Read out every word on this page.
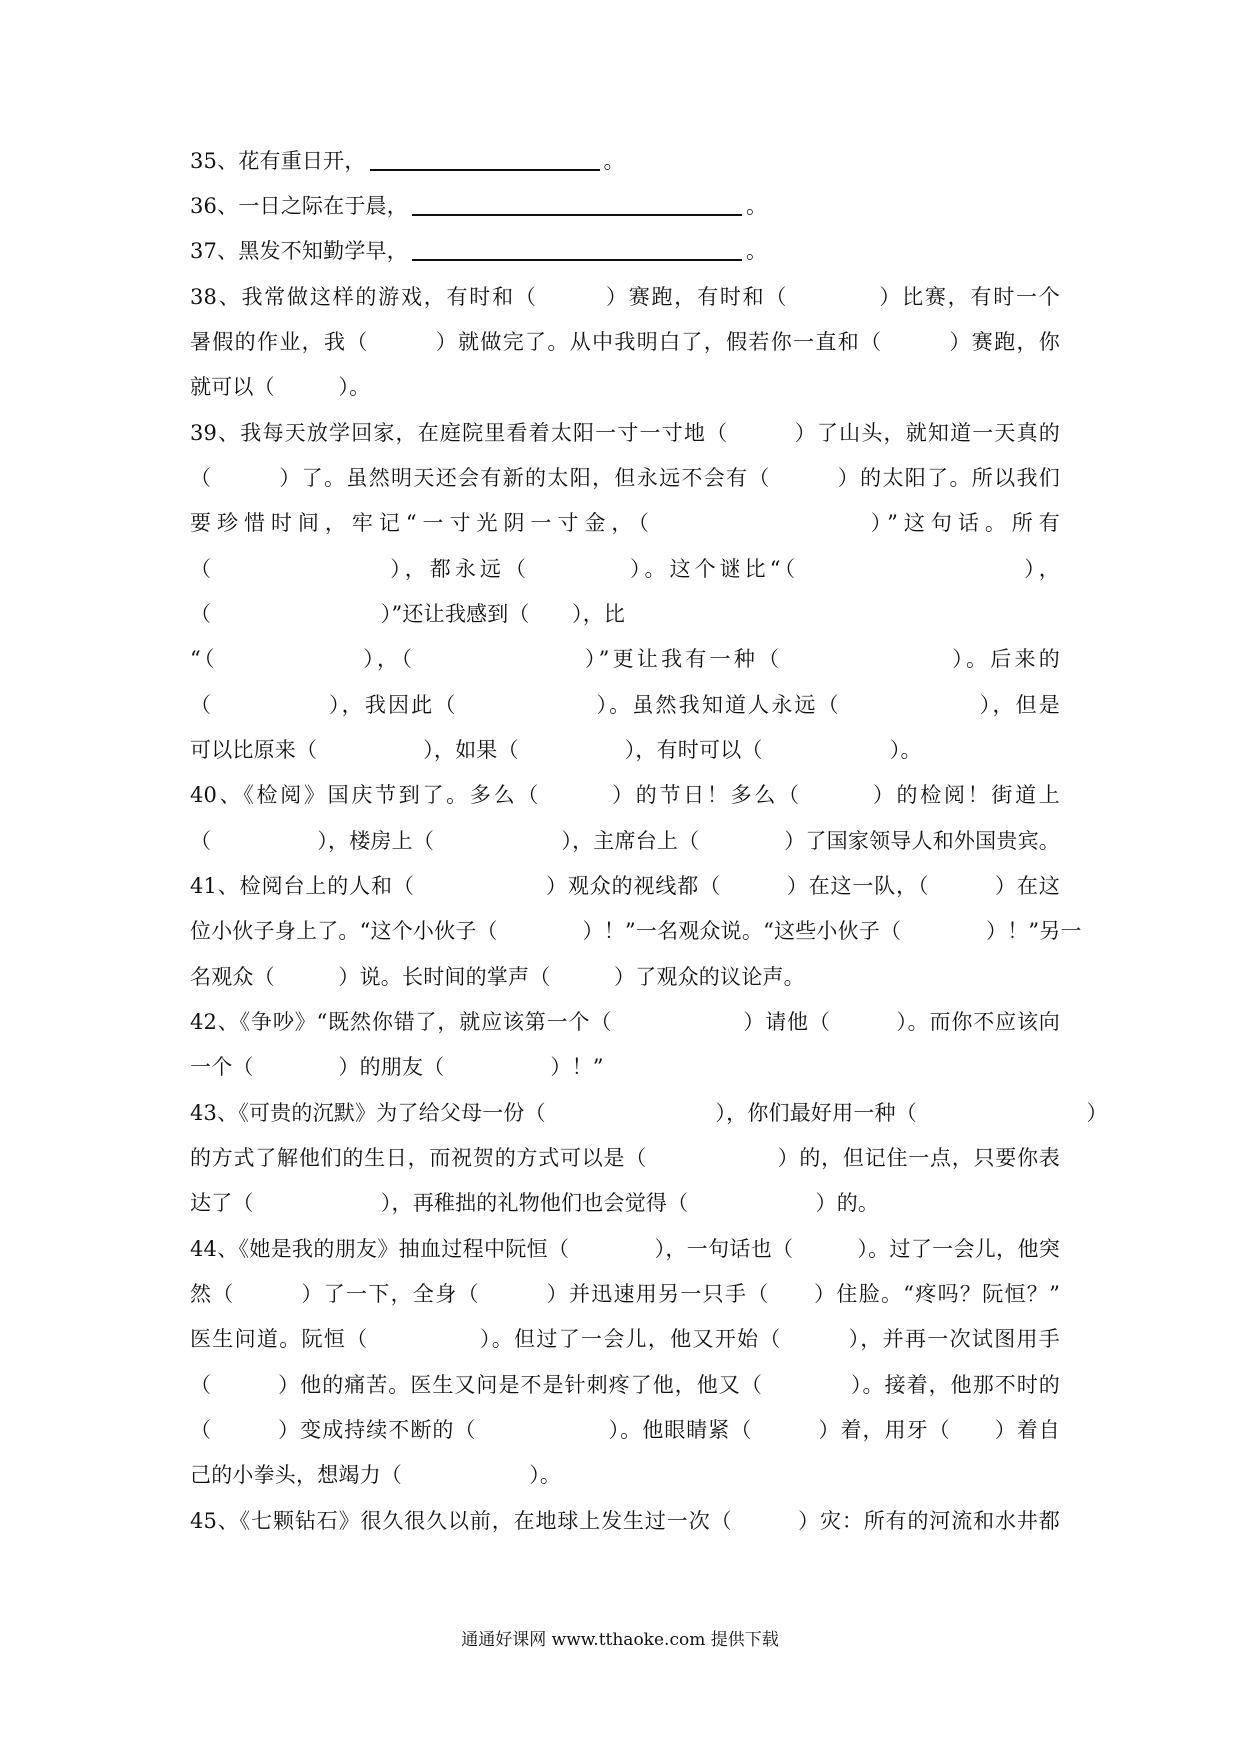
35、花有重日开，	。
36、一日之际在于晨，	。
37、黑发不知勤学早，	。
38、我常做这样的游戏，有时和（　　　）赛跑，有时和（　　　　）比赛，有时一个
暑假的作业，我（　　　）就做完了。从中我明白了，假若你一直和（　　　）赛跑，你
就可以（　　　）。
39、我每天放学回家，在庭院里看着太阳一寸一寸地（　　　）了山头，就知道一天真的
（　　　）了。虽然明天还会有新的太阳，但永远不会有（　　　）的太阳了。所以我们
要珍惜时间，牢记“一寸光阴一寸金，（　　　　　　　　）”这句话。所有
（　　　　　　　），都永远（　　　　）。这个谜比“（　　　　　　　　　），
（　　　　　　　　）”还让我感到（　　），比
“（　　　　　　），（　　　　　　　）”更让我有一种（　　　　　　　）。后来的
（　　　　　），我因此（　　　　　　）。虽然我知道人永远（　　　　　　），但是
可以比原来（　　　　　），如果（　　　　　），有时可以（　　　　　　）。
40、《检阅》国庆节到了。多么（　　　）的节日！多么（　　　）的检阅！街道上
（　　　　　），楼房上（　　　　　　），主席台上（　　　　）了国家领导人和外国贵宾。
41、检阅台上的人和（　　　　　　）观众的视线都（　　　）在这一队，（　　　）在这
位小伙子身上了。“这个小伙子（　　　　）！”一名观众说。“这些小伙子（　　　　）！”另一
名观众（　　　）说。长时间的掌声（　　　）了观众的议论声。
42、《争吵》“既然你错了，就应该第一个（　　　　　　）请他（　　　）。而你不应该向
一个（　　　　）的朋友（　　　　　）！”
43、《可贵的沉默》为了给父母一份（　　　　　　　　），你们最好用一种（　　　　　　　　）
的方式了解他们的生日，而祝贺的方式可以是（　　　　　　）的，但记住一点，只要你表
达了（　　　　　　），再稚拙的礼物他们也会觉得（　　　　　　）的。
44、《她是我的朋友》抽血过程中阮恒（　　　　），一句话也（　　　）。过了一会儿，他突
然（　　　）了一下，全身（　　　）并迅速用另一只手（　　）住脸。“疼吗？阮恒？”
医生问道。阮恒（　　　　　）。但过了一会儿，他又开始（　　　），并再一次试图用手
（　　　）他的痛苦。医生又问是不是针刺疼了他，他又（　　　　）。接着，他那不时的
（　　　）变成持续不断的（　　　　　　）。他眼睛紧（　　　）着，用牙（　　）着自
己的小拳头，想竭力（　　　　　　）。
45、《七颗钻石》很久很久以前，在地球上发生过一次（　　　）灾：所有的河流和水井都
通通好课网 www.tthaoke.com 提供下载
